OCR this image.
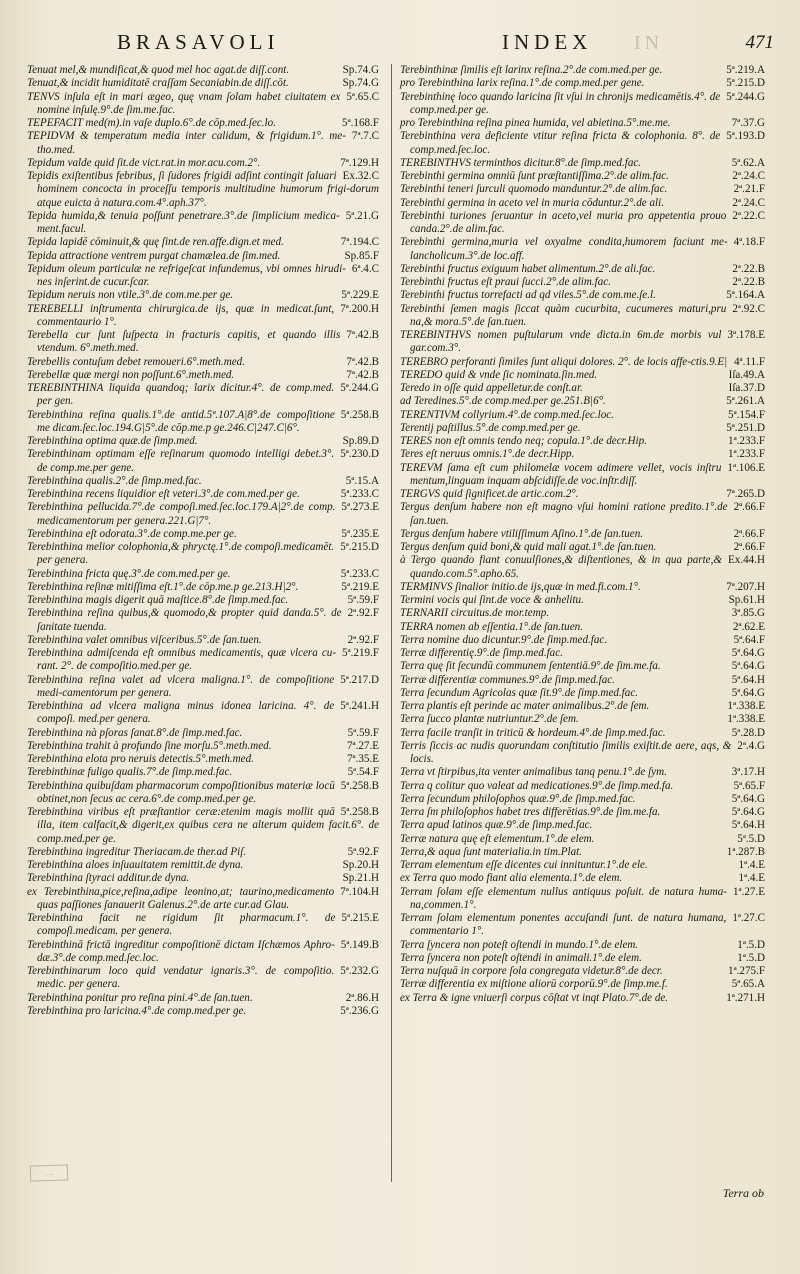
BRASAVOLI	INDEX IN	471
Sp.74.G
Tenuat mel,& mundificat,& quod mel hoc agat.de diſſ.cont.
Sp.74.G
Tenuat,& incidit humiditatē craſſam Secaniabin.de diſſ.cōt.
5ª.65.C
TENVS inſula eſt in mari ægeo, quę vnam ſolam habet ciuitatem ex nomine inſulę.9°.de ſim.me.fac.
5ª.168.F
TEPEFACIT med(m).in vaſe duplo.6°.de cōp.med.ſec.lo.
7ª.7.C
TEPIDVM & temperatum media inter calidum, & frigidum.1°. me-tho.med.
7ª.129.H
Tepidum valde quid ſit.de vict.rat.in mor.acu.com.2°.
Ex.32.C
Tepidis exiſtentibus febribus, ſi ſudores frigidi adſint contingit ſaluari hominem concocta in proceſſu temporis multitudine humorum frigi-dorum atque euicta à natura.com.4°.aph.37°.
5ª.21.G
Tepida humida,& tenuia poſſunt penetrare.3°.de ſimplicium medica-ment.facul.
7ª.194.C
Tepida lapidē cōminuit,& quę ſint.de ren.affe.dign.et med.
Sp.85.F
Tepida attractione ventrem purgat chamælea.de ſim.med.
6ª.4.C
Tepidum oleum particulæ ne refrigeſcat infundemus, vbi omnes hirudi-nes inſerint.de cucur.ſcar.
5ª.229.E
Tepidum neruis non vtile.3°.de com.me.per ge.
7ª.200.H
TEREBELLI inſtrumenta chirurgica.de ijs, quæ in medicat.ſunt, commentaurio 1°.
7ª.42.B
Terebella cur ſunt ſuſpecta in fracturis capitis, et quando illis vtendum. 6°.meth.med.
7ª.42.B
Terebellis contuſum debet remoueri.6°.meth.med.
7ª.42.B
Terebellæ quæ mergi non poſſunt.6°.meth.med.
5ª.244.G
TEREBINTHINA liquida quandoq; larix dicitur.4°. de comp.med. per gen.
5ª.258.B
Terebinthina reſina qualis.1°.de antid.5ª.107.A|8°.de compoſitione me dicam.ſec.loc.194.G|5°.de cōp.me.p ge.246.C|247.C|6°.
Sp.89.D
Terebinthina optima quæ.de ſimp.med.
5ª.230.D
Terebinthinam optimam eſſe reſinarum quomodo intelligi debet.3°. de comp.me.per gene.
5ª.15.A
Terebinthina qualis.2°.de ſimp.med.fac.
5ª.233.C
Terebinthina recens liquidior eſt veteri.3°.de com.med.per ge.
5ª.273.E
Terebinthina pellucida.7°.de compoſi.med.ſec.loc.179.A|2°.de comp. medicamentorum per genera.221.G|7°.
5ª.235.E
Terebinthina eſt odorata.3°.de comp.me.per ge.
5ª.215.D
Terebinthina melior colophonia,& phryctę.1°.de compoſi.medicamēt. per genera.
5ª.233.C
Terebinthina fricta quę.3°.de com.med.per ge.
5ª.219.E
Terebinthina reſinæ mitiſſima eſt.1°.de cōp.me.p ge.213.H|2°.
5ª.59.F
Terebinthina magis digerit quā maſtice.8°.de ſimp.med.fac.
2ª.92.F
Terebinthina reſina quibus,& quomodo,& propter quid danda.5°. de ſanitate tuenda.
2ª.92.F
Terebinthina valet omnibus viſceribus.5°.de ſan.tuen.
5ª.219.F
Terebinthina admiſcenda eſt omnibus medicamentis, quæ vlcera cu-rant. 2°. de compoſitio.med.per ge.
5ª.217.D
Terebinthina reſina valet ad vlcera maligna.1°. de compoſitione medi-camentorum per genera.
5ª.241.H
Terebinthina ad vlcera maligna minus idonea laricina. 4°. de compoſi. med.per genera.
5ª.59.F
Terebinthina nà pſoras ſanat.8°.de ſimp.med.fac.
7ª.27.E
Terebinthina trahit à profundo ſine morſu.5°.meth.med.
7ª.35.E
Terebinthina elota pro neruis detectis.5°.meth.med.
5ª.54.F
Terebinthinæ fuligo qualis.7°.de ſimp.med.fac.
5ª.258.B
Terebinthina quibuſdam pharmacorum compoſitionibus materiæ locū obtinet,non ſecus ac cera.6°.de comp.med.per ge.
5ª.258.B
Terebinthina viribus eſt præſtantior ceræ:etenim magis mollit quā illa, item calfacit,& digerit,ex quibus cera ne alterum quidem facit.6°. de comp.med.per ge.
5ª.92.F
Terebinthina ingreditur Theriacam.de ther.ad Piſ.
Sp.20.H
Terebinthina aloes inſuauitatem remittit.de dyna.
Sp.21.H
Terebinthina ſtyraci additur.de dyna.
7ª.104.H
ex Terebinthina,pice,reſina,adipe leonino,at; taurino,medicamento quas paſſiones ſanauerit Galenus.2°.de arte cur.ad Glau.
5ª.215.E
Terebinthina facit ne rigidum ſit pharmacum.1°. de compoſi.medicam. per genera.
5ª.149.B
Terebinthinā frictā ingreditur compoſitionē dictam Iſchæmos Aphro-dæ.3°.de comp.med.ſec.loc.
5ª.232.G
Terebinthinarum loco quid vendatur ignaris.3°. de compoſitio. medic. per genera.
2ª.86.H
Terebinthina ponitur pro reſina pini.4°.de ſan.tuen.
5ª.236.G
Terebinthina pro laricina.4°.de comp.med.per ge.
5ª.219.A
Terebinthinæ ſimilis eſt larinx reſina.2°.de com.med.per ge.
5ª.215.D
pro Terebinthina larix reſina.1°.de comp.med.per gene.
5ª.244.G
Terebinthinę loco quando laricina ſit vſui in chronijs medicamētis.4°. de comp.med.per ge.
7ª.37.G
pro Terebinthina reſina pinea humida, vel abietina.5°.me.me.
5ª.193.D
Terebinthina vera deficiente vtitur reſina fricta & colophonia. 8°. de comp.med.ſec.loc.
5ª.62.A
TEREBINTHVS terminthos dicitur.8°.de ſimp.med.fac.
2ª.24.C
Terebinthi germina omniū ſunt præſtantiſſima.2°.de alim.fac.
2ª.21.F
Terebinthi teneri ſurculi quomodo manduntur.2°.de alim.fac.
2ª.24.C
Terebinthi germina in aceto vel in muria cōduntur.2°.de ali.
2ª.22.C
Terebinthi turiones ſeruantur in aceto,vel muria pro appetentia prouo canda.2°.de alim.fac.
4ª.18.F
Terebinthi germina,muria vel oxyalme condita,humorem faciunt me-lancholicum.3°.de loc.aff.
2ª.22.B
Terebinthi fructus exiguum habet alimentum.2°.de ali.fac.
2ª.22.B
Terebinthi fructus eſt praui ſucci.2°.de alim.fac.
5ª.164.A
Terebinthi fructus torrefacti ad qd viles.5°.de com.me.ſe.l.
2ª.92.C
Terebinthi ſemen magis ſiccat quàm cucurbita, cucumeres maturi,pru na,& mora.5°.de ſan.tuen.
3ª.178.E
TEREBINTHVS nomen puſtularum vnde dicta.in 6m.de morbis vul gar.com.3°.
4ª.11.F
TEREBRO perforanti ſimiles ſunt aliqui dolores. 2°. de locis affe-ctis.9.E|
Iſa.49.A
TEREDO quid & vnde ſic nominata.ſin.med.
Iſa.37.D
Teredo in oſſe quid appelletur.de conſt.ar.
5ª.261.A
ad Teredines.5°.de comp.med.per ge.251.B|6°.
5ª.154.F
TERENTIVM collyrium.4°.de comp.med.ſec.loc.
5ª.251.D
Terentij paſtillus.5°.de comp.med.per ge.
1ª.233.F
TERES non eſt omnis tendo neq; copula.1°.de decr.Hip.
1ª.233.F
Teres eſt neruus omnis.1°.de decr.Hipp.
1ª.106.E
TEREVM ſama eſt cum philomelæ vocem adimere vellet, vocis inſtru mentum,linguam inquam abſcidiſſe.de voc.inſtr.diſſ.
7ª.265.D
TERGVS quid ſignificet.de artic.com.2°.
2ª.66.F
Tergus denſum habere non eſt magno vſui homini ratione predito.1°.de ſan.tuen.
2ª.66.F
Tergus denſum habere vtiliſſimum Aſino.1°.de ſan.tuen.
2ª.66.F
Tergus denſum quid boni,& quid mali agat.1°.de ſan.tuen.
Ex.44.H
à Tergo quando fiant conuulſiones,& diſtentiones, & in qua parte,& quando.com.5°.apho.65.
7ª.207.H
TERMINVS ſinalior initio.de ijs,quæ in med.fi.com.1°.
Sp.61.H
Termini vocis qui ſint.de voce & anhelitu.
3ª.85.G
TERNARII circuitus.de mor.temp.
2ª.62.E
TERRA nomen ab eſſentia.1°.de ſan.tuen.
5ª.64.F
Terra nomine duo dicuntur.9°.de ſimp.med.fac.
5ª.64.G
Terræ differentię.9°.de ſimp.med.fac.
5ª.64.G
Terra quę ſit ſecundū communem ſententiā.9°.de ſim.me.fa.
5ª.64.H
Terræ differentiæ communes.9°.de ſimp.med.fac.
5ª.64.G
Terra ſecundum Agricolas quæ ſit.9°.de ſimp.med.fac.
1ª.338.E
Terra plantis eſt perinde ac mater animalibus.2°.de ſem.
1ª.338.E
Terra ſucco plantæ nutriuntur.2°.de ſem.
5ª.28.D
Terra facile tranſit in triticū & hordeum.4°.de ſimp.med.fac.
2ª.4.G
Terris ſiccis ac nudis quorundam conſtitutio ſimilis exiſtit.de aere, aqs, & locis.
3ª.17.H
Terra vt ſtirpibus,ita venter animalibus tanq penu.1°.de ſym.
5ª.65.F
Terra q colitur quo valeat ad medicationes.9°.de ſimp.med.fa.
5ª.64.G
Terra ſecundum philoſophos quæ.9°.de ſimp.med.fac.
5ª.64.G
Terra ſm philoſophos habet tres differētias.9°.de ſim.me.fa.
5ª.64.H
Terra apud latinos quæ.9°.de ſimp.med.fac.
5ª.5.D
Terræ natura quę eſt elementum.1°.de elem.
1ª.287.B
Terra,& aqua ſunt materialia.in tim.Plat.
1ª.4.E
Terram elementum eſſe dicentes cui innituntur.1°.de ele.
1ª.4.E
ex Terra quo modo fiant alia elementa.1°.de elem.
1ª.27.E
Terram ſolam eſſe elementum nullus antiquus poſuit. de natura huma-na,commen.1°.
1ª.27.C
Terram ſolam elementum ponentes accuſandi ſunt. de natura humana, commentario 1°.
1ª.5.D
Terra ſyncera non poteſt oſtendi in mundo.1°.de elem.
1ª.5.D
Terra ſyncera non poteſt oſtendi in animali.1°.de elem.
1ª.275.F
Terra nuſquā in corpore ſola congregata videtur.8°.de decr.
5ª.65.A
Terræ differentia ex miſtione aliorū corporū.9°.de ſimp.me.f.
1ª.271.H
ex Terra & igne vniuerſi corpus cōſtat vt inqt Plato.7°.de de.
....
Terra ob
